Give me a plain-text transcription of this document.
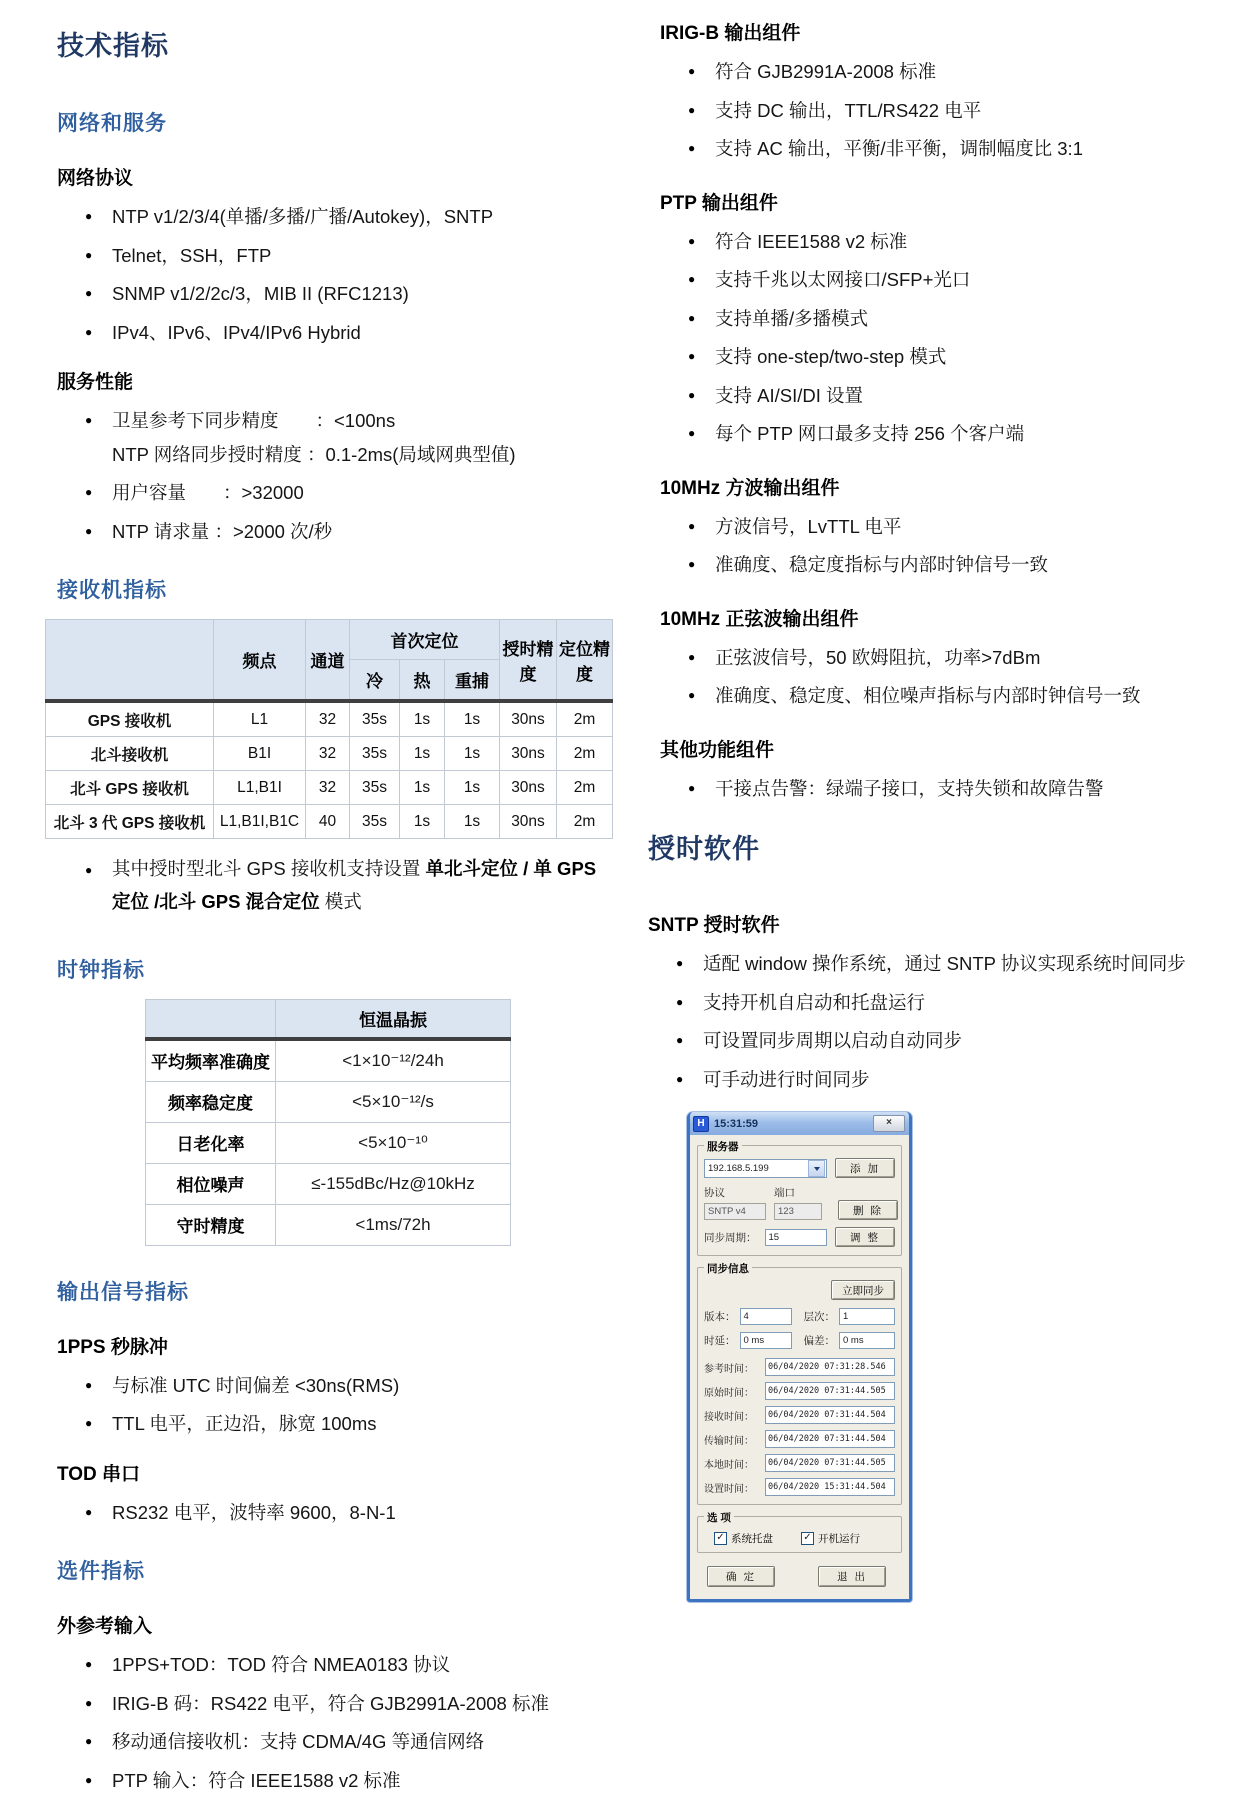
技术指标
网络和服务
网络协议
● NTP v1/2/3/4(单播/多播/广播/Autokey)，SNTP
● Telnet，SSH，FTP
● SNMP v1/2/2c/3，MIB II (RFC1213)
● IPv4、IPv6、IPv4/IPv6 Hybrid
服务性能
● 卫星参考下同步精度　　：<100ns
NTP 网络同步授时精度 ：0.1-2ms(局域网典型值)
● 用户容量　　：>32000
● NTP 请求量 ：>2000 次/秒
接收机指标
	频点	通道	首次定位			授时精度	定位精度
			冷	热	重捕		
GPS 接收机	L1	32	35s	1s	1s	30ns	2m
北斗接收机	B1I	32	35s	1s	1s	30ns	2m
北斗 GPS 接收机	L1,B1I	32	35s	1s	1s	30ns	2m
北斗 3 代 GPS 接收机	L1,B1I,B1C	40	35s	1s	1s	30ns	2m
● 其中授时型北斗 GPS 接收机支持设置 单北斗定位 / 单 GPS 定位 /北斗 GPS 混合定位 模式
时钟指标
	恒温晶振
平均频率准确度	<1×10⁻¹²/24h
频率稳定度	<5×10⁻¹²/s
日老化率	<5×10⁻¹⁰
相位噪声	≤-155dBc/Hz@10kHz
守时精度	<1ms/72h
输出信号指标
1PPS 秒脉冲
● 与标准 UTC 时间偏差 <30ns(RMS)
● TTL 电平，正边沿，脉宽 100ms
TOD 串口
● RS232 电平，波特率 9600，8-N-1
选件指标
外参考输入
● 1PPS+TOD：TOD 符合 NMEA0183 协议
● IRIG-B 码：RS422 电平，符合 GJB2991A-2008 标准
● 移动通信接收机：支持 CDMA/4G 等通信网络
● PTP 输入：符合 IEEE1588 v2 标准
IRIG-B 输出组件
● 符合 GJB2991A-2008 标准
● 支持 DC 输出，TTL/RS422 电平
● 支持 AC 输出，平衡/非平衡，调制幅度比 3:1
PTP 输出组件
● 符合 IEEE1588 v2 标准
● 支持千兆以太网接口/SFP+光口
● 支持单播/多播模式
● 支持 one-step/two-step 模式
● 支持 AI/SI/DI 设置
● 每个 PTP 网口最多支持 256 个客户端
10MHz 方波输出组件
● 方波信号，LvTTL 电平
● 准确度、稳定度指标与内部时钟信号一致
10MHz 正弦波输出组件
● 正弦波信号，50 欧姆阻抗，功率>7dBm
● 准确度、稳定度、相位噪声指标与内部时钟信号一致
其他功能组件
● 干接点告警：绿端子接口，支持失锁和故障告警
授时软件
SNTP 授时软件
● 适配 window 操作系统，通过 SNTP 协议实现系统时间同步
● 支持开机自启动和托盘运行
● 可设置同步周期以启动自动同步
● 可手动进行时间同步
H 15:31:59	×
服务器
192.168.5.199	添 加
协议
SNTP v4
端口
123	删 除
同步周期：	15	调 整
同步信息
立即同步
版本： 4	层次： 1
时延： 0 ms	偏差： 0 ms
参考时间：	06/04/2020 07:31:28.546
原始时间：	06/04/2020 07:31:44.505
接收时间：	06/04/2020 07:31:44.504
传输时间：	06/04/2020 07:31:44.504
本地时间：	06/04/2020 07:31:44.505
设置时间：	06/04/2020 15:31:44.504
选 项
✓ 系统托盘	✓ 开机运行
确 定	退 出
